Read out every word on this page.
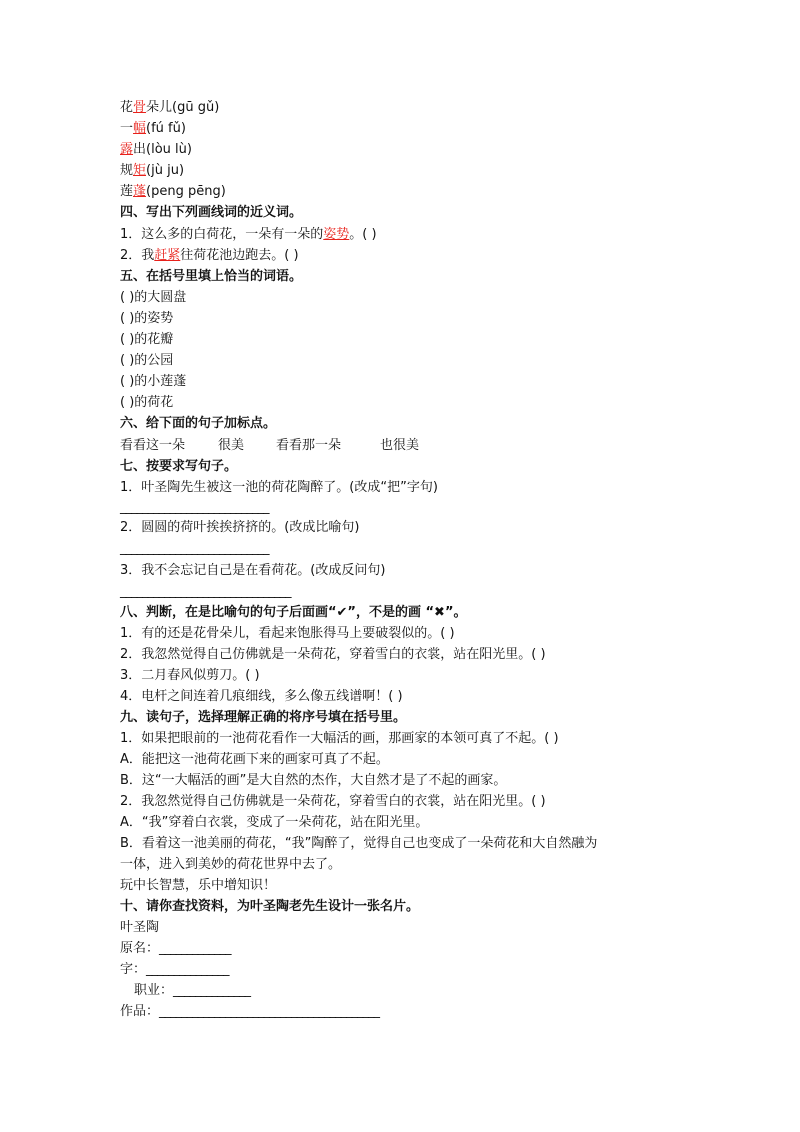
花骨朵儿(gū gǔ)
一幅(fú fǔ)
露出(lòu lù)
规矩(jù ju)
莲蓬(peng pēng)
四、写出下列画线词的近义词。
1．这么多的白荷花，一朵有一朵的姿势。( )
2．我赶紧往荷花池边跑去。( )
五、在括号里填上恰当的词语。
( )的大圆盘
( )的姿势
( )的花瓣
( )的公园
( )的小莲蓬
( )的荷花
六、给下面的句子加标点。
看看这一朵	很美 看看那一朵	也很美
七、按要求写句子。
1．叶圣陶先生被这一池的荷花陶醉了。(改成“把”字句)
___________________________
2．圆圆的荷叶挨挨挤挤的。(改成比喻句)
___________________________
3．我不会忘记自己是在看荷花。(改成反问句)
_______________________________
八、判断，在是比喻句的句子后面画“✔”，不是的画 “✖”。
1．有的还是花骨朵儿，看起来饱胀得马上要破裂似的。( )
2．我忽然觉得自己仿佛就是一朵荷花，穿着雪白的衣裳，站在阳光里。( )
3．二月春风似剪刀。( )
4．电杆之间连着几痕细线，多么像五线谱啊！( )
九、读句子，选择理解正确的将序号填在括号里。
1．如果把眼前的一池荷花看作一大幅活的画，那画家的本领可真了不起。( )
A．能把这一池荷花画下来的画家可真了不起。
B．这“一大幅活的画”是大自然的杰作，大自然才是了不起的画家。
2．我忽然觉得自己仿佛就是一朵荷花，穿着雪白的衣裳，站在阳光里。( )
A．“我”穿着白衣裳，变成了一朵荷花，站在阳光里。
B．看着这一池美丽的荷花，“我”陶醉了，觉得自己也变成了一朵荷花和大自然融为
一体，进入到美妙的荷花世界中去了。
玩中长智慧，乐中增知识！
十、请你查找资料，为叶圣陶老先生设计一张名片。
叶圣陶
原名：_____________
字：_______________
职业：______________
作品：________________________________________
